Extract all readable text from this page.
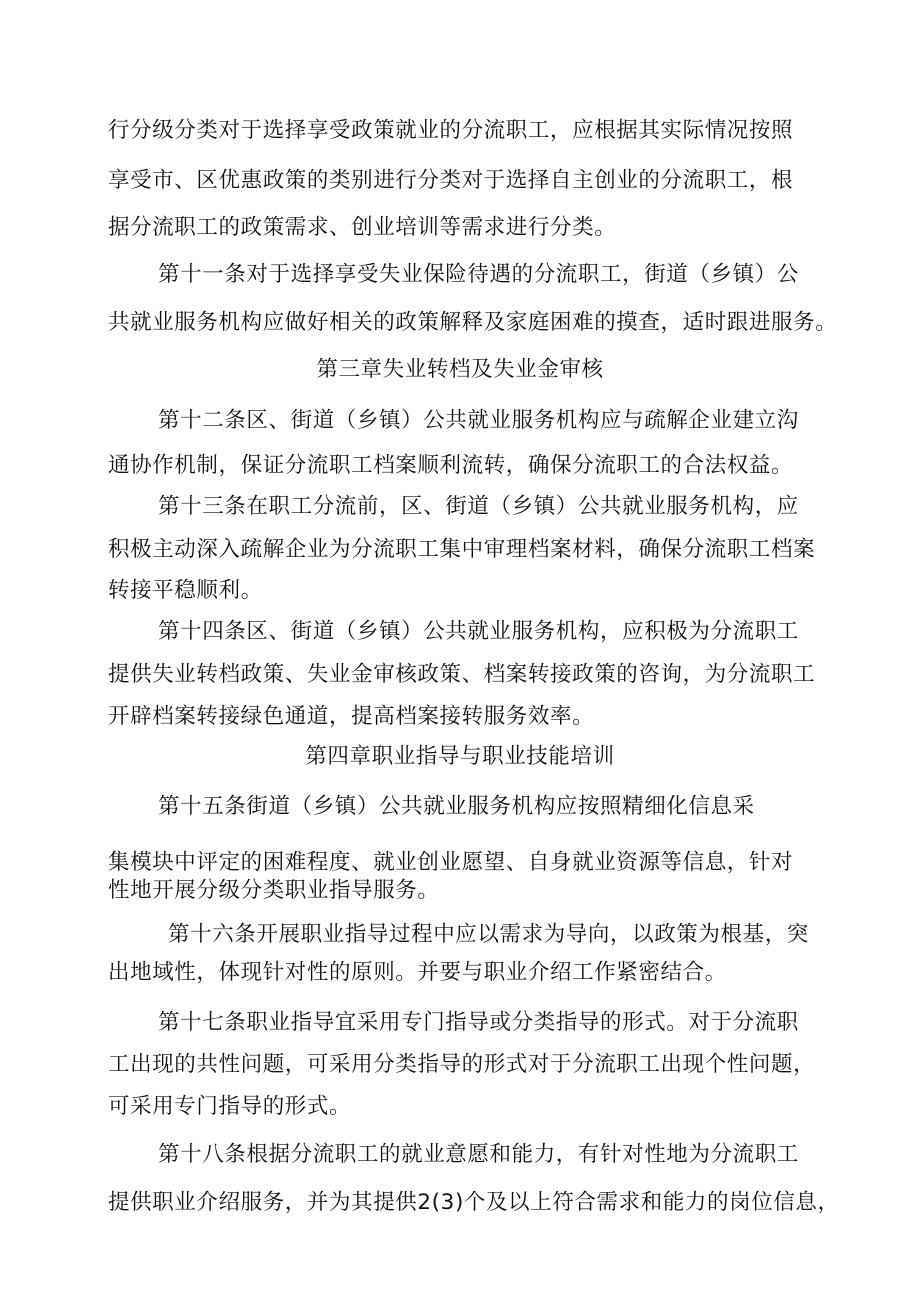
行分级分类对于选择享受政策就业的分流职工，应根据其实际情况按照
享受市、区优惠政策的类别进行分类对于选择自主创业的分流职工，根
据分流职工的政策需求、创业培训等需求进行分类。
第十一条对于选择享受失业保险待遇的分流职工，街道（乡镇）公
共就业服务机构应做好相关的政策解释及家庭困难的摸查，适时跟进服务。
第三章失业转档及失业金审核
第十二条区、街道（乡镇）公共就业服务机构应与疏解企业建立沟
通协作机制，保证分流职工档案顺利流转，确保分流职工的合法权益。
第十三条在职工分流前，区、街道（乡镇）公共就业服务机构，应
积极主动深入疏解企业为分流职工集中审理档案材料，确保分流职工档案
转接平稳顺利。
第十四条区、街道（乡镇）公共就业服务机构，应积极为分流职工
提供失业转档政策、失业金审核政策、档案转接政策的咨询，为分流职工
开辟档案转接绿色通道，提高档案接转服务效率。
第四章职业指导与职业技能培训
第十五条街道（乡镇）公共就业服务机构应按照精细化信息采
集模块中评定的困难程度、就业创业愿望、自身就业资源等信息，针对
性地开展分级分类职业指导服务。
第十六条开展职业指导过程中应以需求为导向，以政策为根基，突
出地域性，体现针对性的原则。并要与职业介绍工作紧密结合。
第十七条职业指导宜采用专门指导或分类指导的形式。对于分流职
工出现的共性问题，可采用分类指导的形式对于分流职工出现个性问题，
可采用专门指导的形式。
第十八条根据分流职工的就业意愿和能力，有针对性地为分流职工
提供职业介绍服务，并为其提供2(3)个及以上符合需求和能力的岗位信息，
